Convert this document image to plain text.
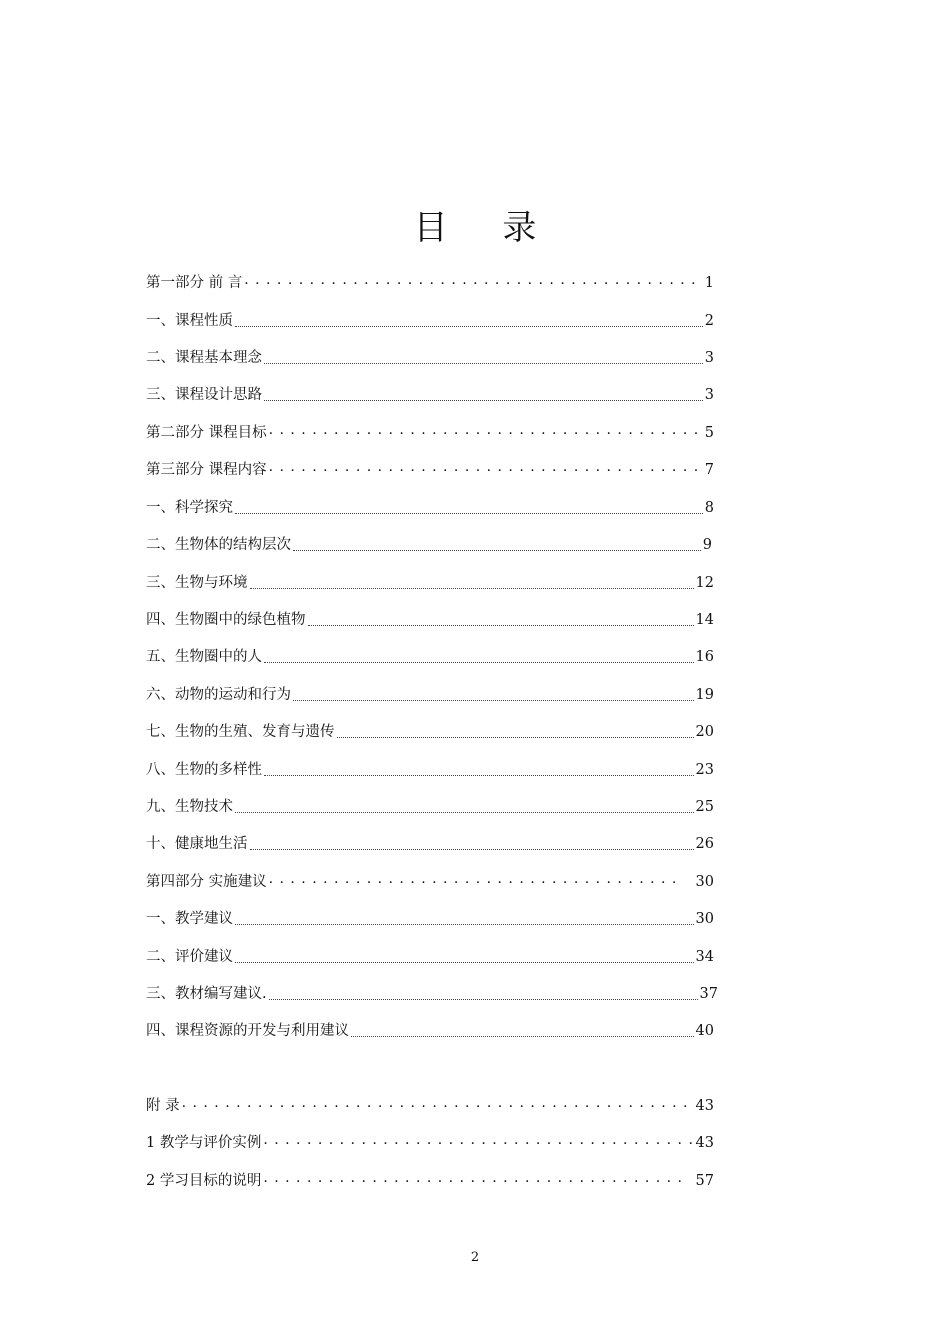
目 录
第一部分 前 言 . . .	1
一、课程性质	2
二、课程基本理念	3
三、课程设计思路	3
第二部分 课程目标 . . .	5
第三部分 课程内容 . . .	7
一、科学探究	8
二、生物体的结构层次	9
三、生物与环境	12
四、生物圈中的绿色植物	14
五、生物圈中的人	16
六、动物的运动和行为	19
七、生物的生殖、发育与遗传	20
八、生物的多样性	23
九、生物技术	25
十、健康地生活	26
第四部分 实施建议 . . .	30
一、教学建议	30
二、评价建议	34
三、教材编写建议.	37
四、课程资源的开发与利用建议	40
附 录 . . .	43
1 教学与评价实例 . . .	43
2 学习目标的说明 . . .	57
2
